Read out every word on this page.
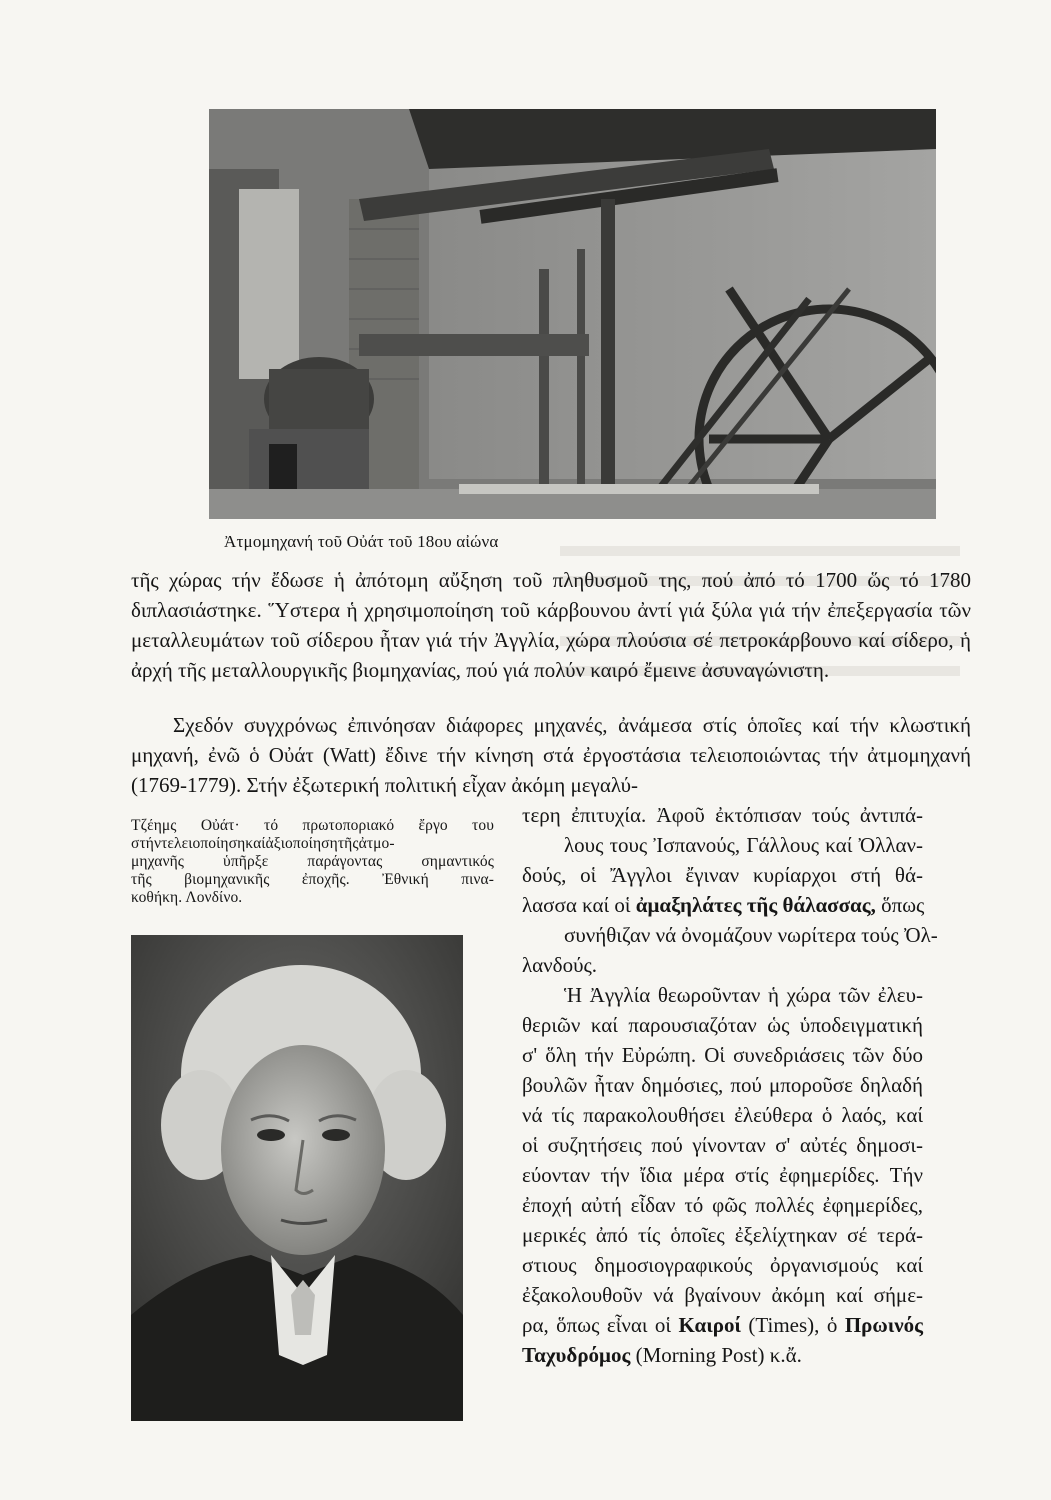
Ἀτμομηχανή τοῦ Οὐάτ τοῦ 18ου αἰώνα

τῆς χώρας τήν ἔδωσε ἡ ἀπότομη αὔξηση τοῦ πληθυσμοῦ της, πού ἀπό τό 1700 ὥς τό 1780 διπλασιάστηκε. Ὕστερα ἡ χρησιμοποίηση τοῦ κάρβουνου ἀντί γιά ξύλα γιά τήν ἐπεξεργασία τῶν μεταλλευμάτων τοῦ σίδερου ἦταν γιά τήν Ἀγγλία, χώρα πλούσια σέ πετροκάρβουνο καί σίδερο, ἡ ἀρχή τῆς μεταλλουργικῆς βιομηχανίας, πού γιά πολύν καιρό ἔμεινε ἀσυναγώνιστη.

Σχεδόν συγχρόνως ἐπινόησαν διάφορες μηχανές, ἀνάμεσα στίς ὁποῖες καί τήν κλωστική μηχανή, ἐνῶ ὁ Οὐάτ (Watt) ἔδινε τήν κίνηση στά ἐργοστάσια τελειοποιώντας τήν ἀτμομηχανή (1769-1779). Στήν ἐξωτερική πολιτική εἶχαν ἀκόμη μεγαλύ-

τερη ἐπιτυχία. Ἀφοῦ ἐκτόπισαν τούς ἀντιπά-
λους τους Ἰσπανούς, Γάλλους καί Ὀλλαν-
δούς, οἱ Ἄγγλοι ἔγιναν κυρίαρχοι στή θά-
λασσα καί οἱ ἀμαξηλάτες τῆς θάλασσας, ὅπως
συνήθιζαν νά ὀνομάζουν νωρίτερα τούς Ὀλ-
λανδούς.
Ἡ Ἀγγλία θεωροῦνταν ἡ χώρα τῶν ἐλευ-
θεριῶν καί παρουσιαζόταν ὡς ὑποδειγματική
σ' ὅλη τήν Εὐρώπη. Οἱ συνεδριάσεις τῶν δύο
βουλῶν ἦταν δημόσιες, πού μποροῦσε δηλαδή
νά τίς παρακολουθήσει ἐλεύθερα ὁ λαός, καί
οἱ συζητήσεις πού γίνονταν σ' αὐτές δημοσι-
εύονταν τήν ἴδια μέρα στίς ἐφημερίδες. Τήν
ἐποχή αὐτή εἶδαν τό φῶς πολλές ἐφημερίδες,
μερικές ἀπό τίς ὁποῖες ἐξελίχτηκαν σέ τερά-
στιους δημοσιογραφικούς ὀργανισμούς καί
ἐξακολουθοῦν νά βγαίνουν ἀκόμη καί σήμε-
ρα, ὅπως εἶναι οἱ Καιροί (Times), ὁ Πρωινός
Ταχυδρόμος (Morning Post) κ.ἄ.
Τζέημς Οὐάτ· τό πρωτοποριακό ἔργο του
στήντελειοποίησηκαίἀξιοποίησητῆςἀτμο-
μηχανῆς ὑπῆρξε παράγοντας σημαντικός
τῆς βιομηχανικῆς ἐποχῆς. Ἐθνική πινα-
κοθήκη. Λονδίνο.
